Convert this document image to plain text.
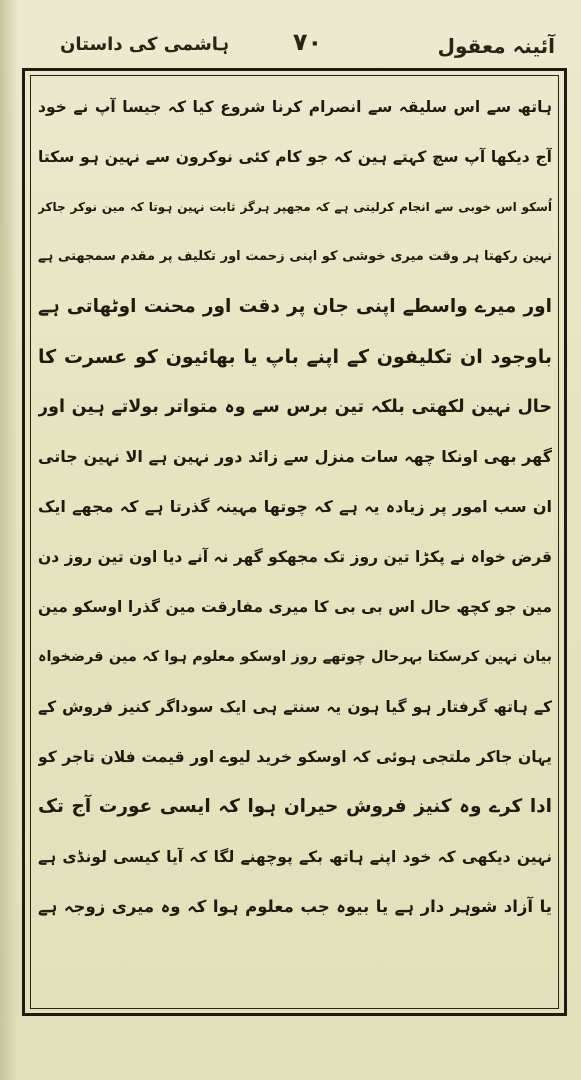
آئینہ معقول
۷۰
ہاشمی کی داستان
ہاتھ سے اس سلیقہ سے انصرام کرنا شروع کیا کہ جیسا آپ نے خود
آج دیکھا آپ سچ کہتے ہین کہ جو کام کئی نوکرون سے نہین ہو سکتا
اُسکو اس خوبی سے انجام کرلیتی ہے کہ مجھپر ہرگز ثابت نہین ہوتا کہ مین نوکر جاکر
نہین رکھتا ہر وقت میری خوشی کو اپنی زحمت اور تکلیف پر مقدم سمجھتی ہے
اور میرے واسطے اپنی جان پر دقت اور محنت اوٹھاتی ہے
باوجود ان تکلیفون کے اپنے باپ یا بھائیون کو عسرت کا
حال نہین لکھتی بلکہ تین برس سے وہ متواتر بولاتے ہین اور
گھر بھی اونکا چھہ سات منزل سے زائد دور نہین ہے الا نہین جاتی
ان سب امور پر زیادہ یہ ہے کہ چوتھا مہینہ گذرتا ہے کہ مجھے ایک
قرض خواہ نے پکڑا تین روز تک مجھکو گھر نہ آنے دیا اون تین روز دن
مین جو کچھ حال اس بی بی کا میری مفارقت مین گذرا اوسکو مین
بیان نہین کرسکتا بہرحال چوتھے روز اوسکو معلوم ہوا کہ مین قرضخواہ
کے ہاتھ گرفتار ہو گیا ہون یہ سنتے ہی ایک سوداگر کنیز فروش کے
یہان جاکر ملتجی ہوئی کہ اوسکو خرید لیوے اور قیمت فلان تاجر کو
ادا کرے وہ کنیز فروش حیران ہوا کہ ایسی عورت آج تک
نہین دیکھی کہ خود اپنے ہاتھ بکے پوچھنے لگا کہ آیا کیسی لونڈی ہے
یا آزاد شوہر دار ہے یا بیوہ جب معلوم ہوا کہ وہ میری زوجہ ہے
